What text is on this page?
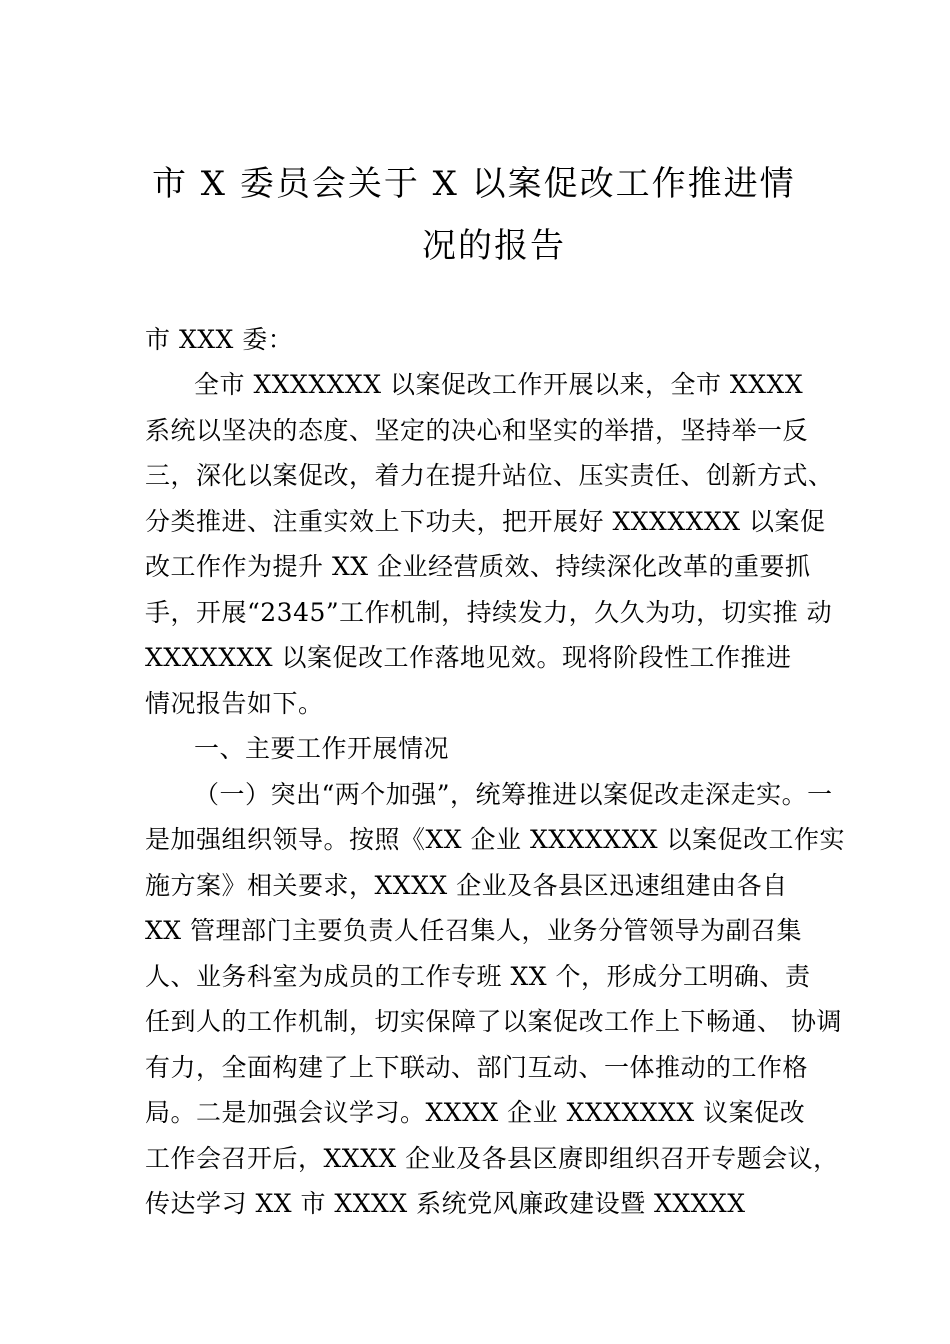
市 X 委员会关于 X 以案促改工作推进情
况的报告
市 XXX 委：
全市 XXXXXXX 以案促改工作开展以来，全市 XXXX
系统以坚决的态度、坚定的决心和坚实的举措，坚持举一反
三，深化以案促改，着力在提升站位、压实责任、创新方式、
分类推进、注重实效上下功夫，把开展好 XXXXXXX 以案促
改工作作为提升 XX 企业经营质效、持续深化改革的重要抓
手，开展“2345”工作机制，持续发力，久久为功，切实推 动
XXXXXXX 以案促改工作落地见效。现将阶段性工作推进
情况报告如下。
一、主要工作开展情况
（一）突出“两个加强”，统筹推进以案促改走深走实。一
是加强组织领导。按照《XX 企业 XXXXXXX 以案促改工作实
施方案》相关要求，XXXX 企业及各县区迅速组建由各自
XX 管理部门主要负责人任召集人，业务分管领导为副召集
人、业务科室为成员的工作专班 XX 个，形成分工明确、责
任到人的工作机制，切实保障了以案促改工作上下畅通、 协调
有力，全面构建了上下联动、部门互动、一体推动的工作格
局。二是加强会议学习。XXXX 企业 XXXXXXX 议案促改
工作会召开后，XXXX 企业及各县区赓即组织召开专题会议，
传达学习 XX 市 XXXX 系统党风廉政建设暨 XXXXX
